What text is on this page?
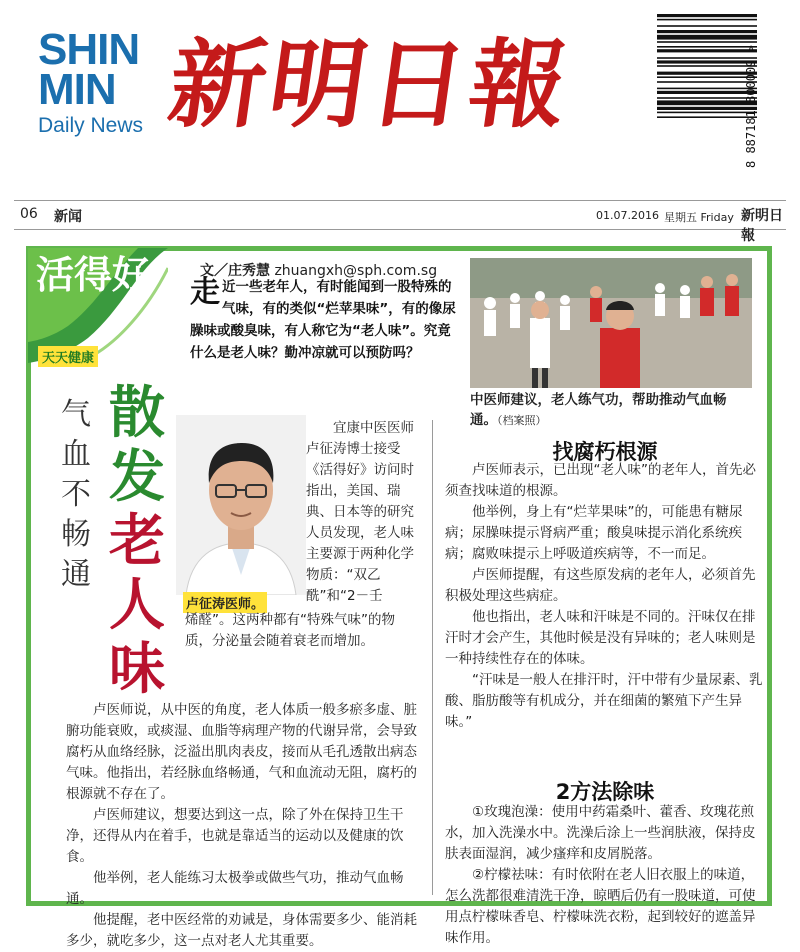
SHIN
MIN
Daily News 新明日報	8 887181 800009 >
06 新闻	01.07.2016 星期五 Friday 新明日報
活得好
天天健康
文／庄秀慧 zhuangxh@sph.com.sg
走 近一些老年人，有时能闻到一股特殊的气味，有的类似“烂苹果味”，有的像尿臊味或酸臭味，有人称它为“老人味”。究竟什么是老人味？勤冲凉就可以预防吗？
气血不畅通
散发
老人味
卢征涛医师。

宜康中医医师卢征涛博士接受《活得好》访问时指出，美国、瑞典、日本等的研究人员发现，老人味主要源于两种化学物质：“双乙酰”和“2－壬

烯醛”。这两种都有“特殊气味”的物质，分泌量会随着衰老而增加。

卢医师说，从中医的角度，老人体质一般多瘀多虚、脏腑功能衰败，或痰湿、血脂等病理产物的代谢异常，会导致腐朽从血络经脉，泛溢出肌肉表皮，接而从毛孔透散出病态气味。他指出，若经脉血络畅通，气和血流动无阻，腐朽的根源就不存在了。

卢医师建议，想要达到这一点，除了外在保持卫生干净，还得从内在着手，也就是靠适当的运动以及健康的饮食。

他举例，老人能练习太极拳或做些气功，推动气血畅通。

他提醒，老中医经常的劝诫是，身体需要多少、能消耗多少，就吃多少，这一点对老人尤其重要。

中医师建议，老人练气功，帮助推动气血畅通。（档案照）
找腐朽根源

卢医师表示，已出现“老人味”的老年人，首先必须查找味道的根源。

他举例，身上有“烂苹果味”的，可能患有糖尿病；尿臊味提示肾病严重；酸臭味提示消化系统疾病；腐败味提示上呼吸道疾病等，不一而足。

卢医师提醒，有这些原发病的老年人，必须首先积极处理这些病症。

他也指出，老人味和汗味是不同的。汗味仅在排汗时才会产生，其他时候是没有异味的；老人味则是一种持续性存在的体味。

“汗味是一般人在排汗时，汗中带有少量尿素、乳酸、脂肪酸等有机成分，并在细菌的繁殖下产生异味。”

2方法除味

①玫瑰泡澡：使用中药霜桑叶、藿香、玫瑰花煎水，加入洗澡水中。洗澡后涂上一些润肤液，保持皮肤表面湿润，减少瘙痒和皮屑脱落。

②柠檬祛味：有时依附在老人旧衣服上的味道，怎么洗都很难清洗干净，晾晒后仍有一股味道，可使用点柠檬味香皂、柠檬味洗衣粉，起到较好的遮盖异味作用。
